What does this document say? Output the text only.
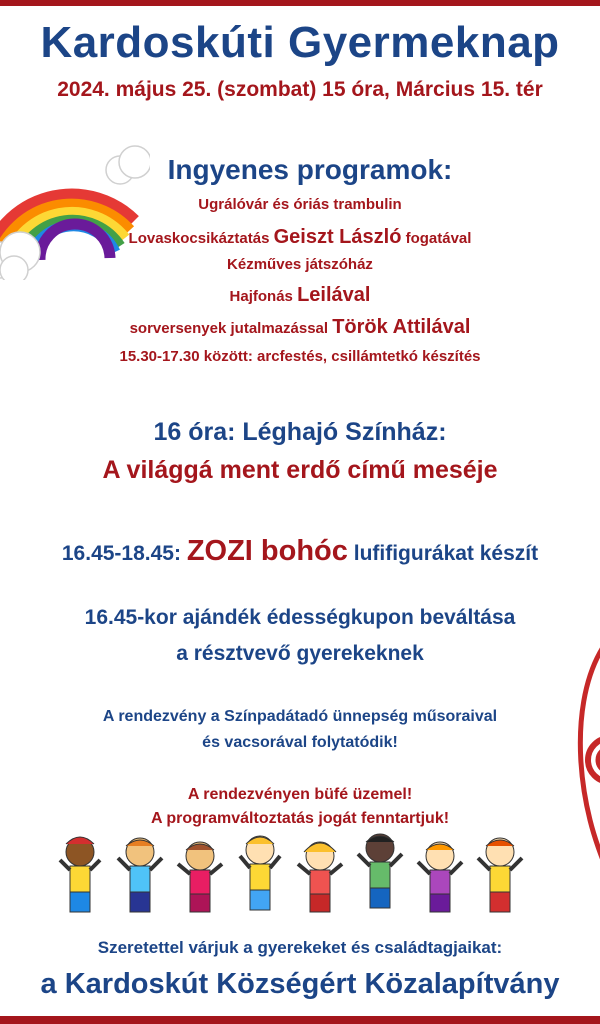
Kardoskúti Gyermeknap
2024. május 25. (szombat) 15 óra, Március 15. tér
Ingyenes programok:
Ugrálóvár és óriás trambulin
Lovaskocsikáztatás Geiszt László fogatával
Kézműves játszóház
Hajfonás Leilával
sorversenyek jutalmazással Török Attilával
15.30-17.30 között: arcfestés, csillámtetkó készítés
16 óra: Léghajó Színház:
A világgá ment erdő című meséje
16.45-18.45: ZOZI bohóc lufifigurákat készít
16.45-kor ajándék édességkupon beváltása
a résztvevő gyerekeknek
A rendezvény a Színpadátadó ünnepség műsoraival
és vacsorával folytatódik!
A rendezvényen büfé üzemel!
A programváltoztatás jogát fenntartjuk!
Szeretettel várjuk a gyerekeket és családtagjaikat:
a Kardoskút Községért Közalapítvány
